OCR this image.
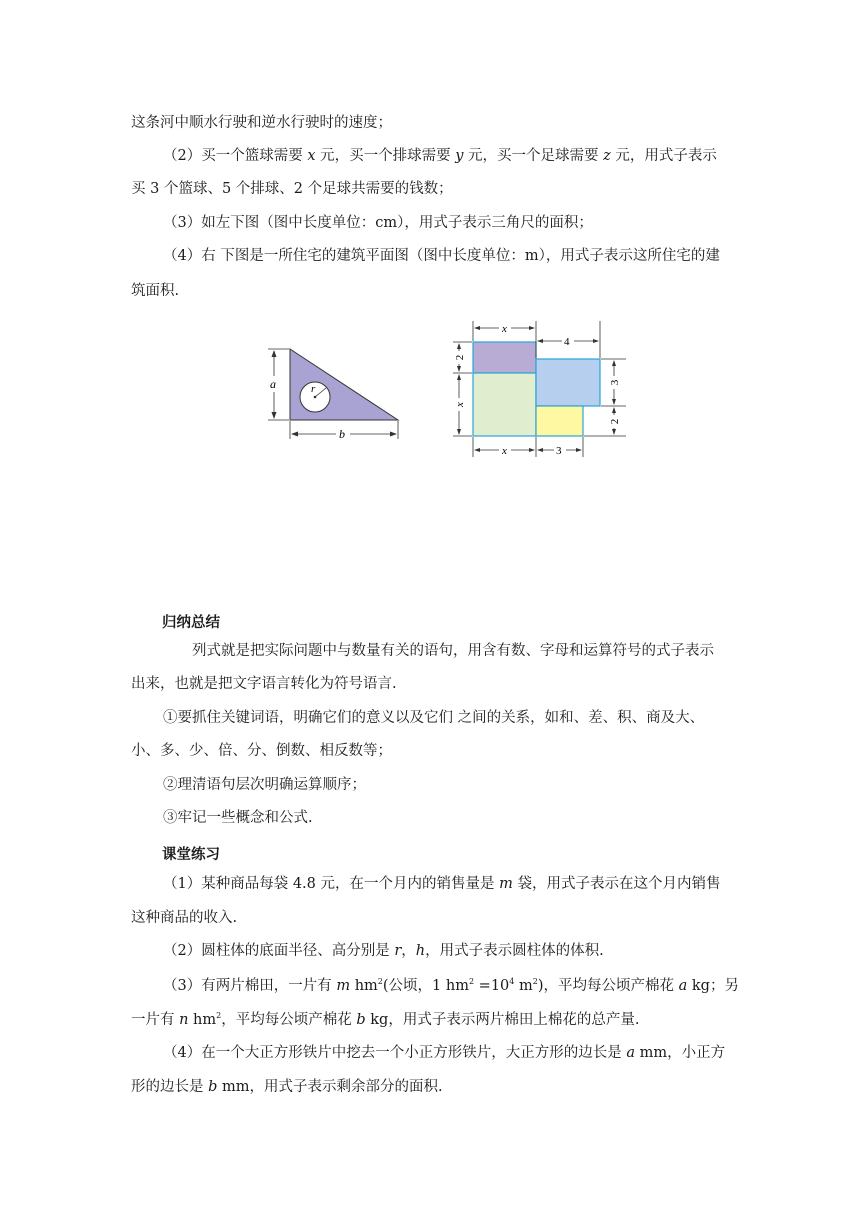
这条河中顺水行驶和逆水行驶时的速度；
（2）买一个篮球需要 x 元，买一个排球需要 y 元，买一个足球需要 z 元，用式子表示
买 3 个篮球、5 个排球、2 个足球共需要的钱数；
（3）如左下图（图中长度单位：cm），用式子表示三角尺的面积；
（4）右 下图是一所住宅的建筑平面图（图中长度单位：m），用式子表示这所住宅的建
筑面积.
r
a
b
x
4
2
x
3
2
x	3
归纳总结
列式就是把实际问题中与数量有关的语句，用含有数、字母和运算符号的式子表示
出来，也就是把文字语言转化为符号语言.
①要抓住关键词语，明确它们的意义以及它们 之间的关系，如和、差、积、商及大、
小、多、少、倍、分、倒数、相反数等；
②理清语句层次明确运算顺序；
③牢记一些概念和公式.
课堂练习
（1）某种商品每袋 4.8 元，在一个月内的销售量是 m 袋，用式子表示在这个月内销售
这种商品的收入.
（2）圆柱体的底面半径、高分别是 r，h，用式子表示圆柱体的体积.
（3）有两片棉田，一片有 m $hm^2$(公顷，1 $hm^2 =10^4$ $m^2$)，平均每公顷产棉花 a kg；另
一片有 n $hm^2$，平均每公顷产棉花 b kg，用式子表示两片棉田上棉花的总产量.
（4）在一个大正方形铁片中挖去一个小正方形铁片，大正方形的边长是 a mm，小正方
形的边长是 b mm，用式子表示剩余部分的面积.
